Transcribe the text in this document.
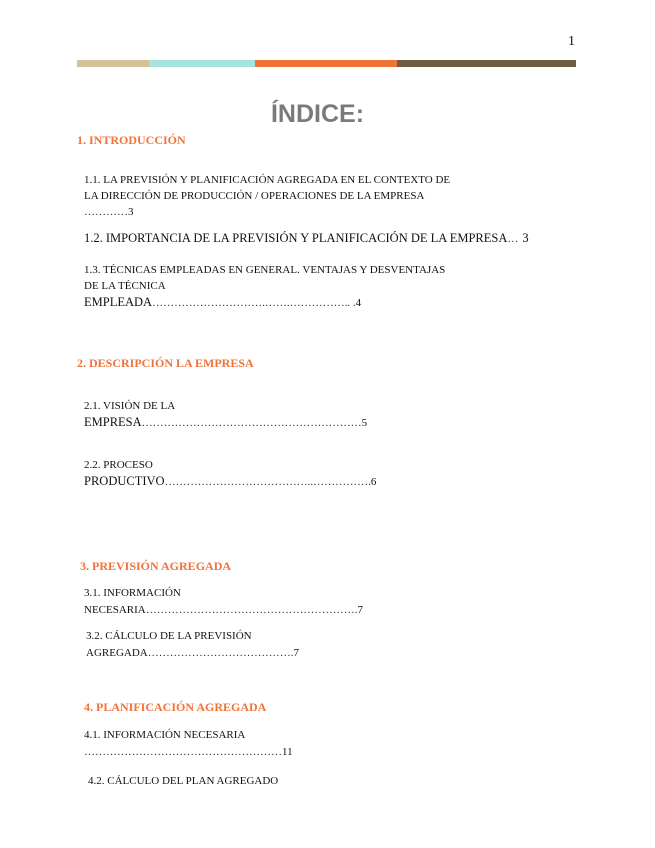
1
ÍNDICE:
1. INTRODUCCIÓN
1.1. LA PREVISIÓN Y PLANIFICACIÓN AGREGADA EN EL CONTEXTO DE
LA DIRECCIÓN DE PRODUCCIÓN / OPERACIONES DE LA EMPRESA
…………3
1.2. IMPORTANCIA DE LA PREVISIÓN Y PLANIFICACIÓN DE LA EMPRESA… 3
1.3. TÉCNICAS EMPLEADAS EN GENERAL. VENTAJAS Y DESVENTAJAS
DE LA TÉCNICA
EMPLEADA………………………….…….…………….. .4
2. DESCRIPCIÓN LA EMPRESA
2.1. VISIÓN DE LA
EMPRESA……………………………………………………5
2.2. PROCESO
PRODUCTIVO…………………………………..…………….6
3. PREVISIÓN AGREGADA
3.1. INFORMACIÓN
NECESARIA………………………………………………….7
3.2. CÁLCULO DE LA PREVISIÓN
AGREGADA………………………………….7
4. PLANIFICACIÓN AGREGADA
4.1. INFORMACIÓN NECESARIA
………………………………………………11
4.2. CÁLCULO DEL PLAN AGREGADO
